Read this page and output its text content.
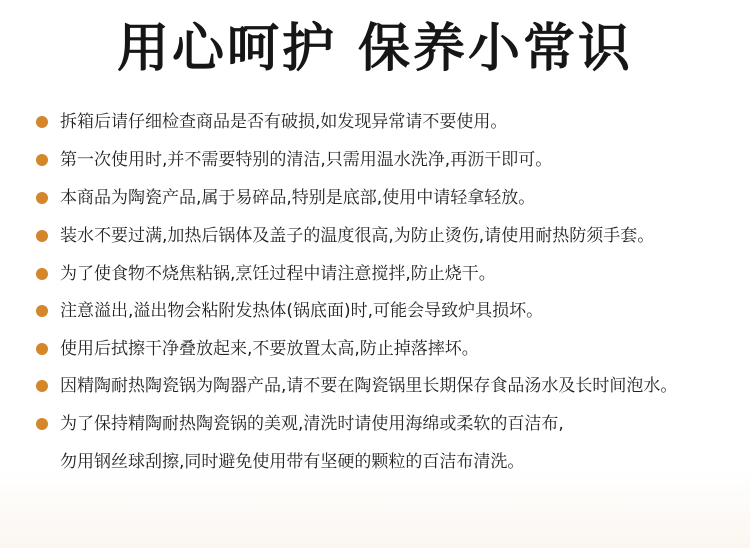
用心呵护 保养小常识
拆箱后请仔细检查商品是否有破损,如发现异常请不要使用。
第一次使用时,并不需要特别的清洁,只需用温水洗净,再沥干即可。
本商品为陶瓷产品,属于易碎品,特别是底部,使用中请轻拿轻放。
装水不要过满,加热后锅体及盖子的温度很高,为防止烫伤,请使用耐热防须手套。
为了使食物不烧焦粘锅,烹饪过程中请注意搅拌,防止烧干。
注意溢出,溢出物会粘附发热体(锅底面)时,可能会导致炉具损坏。
使用后拭擦干净叠放起来,不要放置太高,防止掉落摔坏。
因精陶耐热陶瓷锅为陶器产品,请不要在陶瓷锅里长期保存食品汤水及长时间泡水。
为了保持精陶耐热陶瓷锅的美观,清洗时请使用海绵或柔软的百洁布,
勿用钢丝球刮擦,同时避免使用带有坚硬的颗粒的百洁布清洗。
